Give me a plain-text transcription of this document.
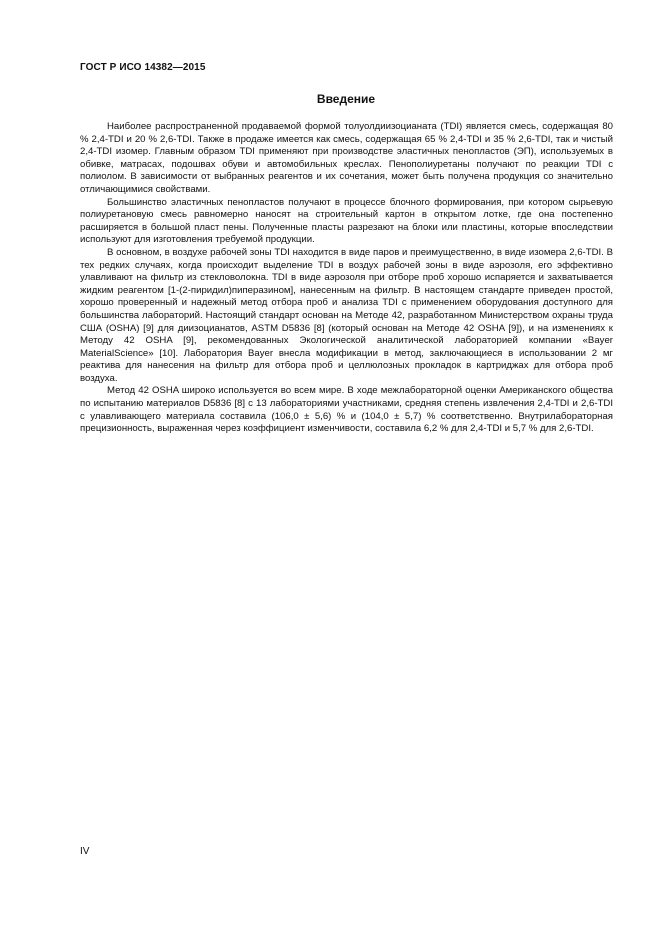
ГОСТ Р ИСО 14382—2015
Введение

Наиболее распространенной продаваемой формой толуолдиизоцианата (TDI) является смесь, содержащая 80 % 2,4-TDI и 20 % 2,6-TDI. Также в продаже имеется как смесь, содержащая 65 % 2,4-TDI и 35 % 2,6-TDI, так и чистый 2,4-TDI изомер. Главным образом TDI применяют при производстве эластичных пенопластов (ЭП), используемых в обивке, матрасах, подошвах обуви и автомобильных креслах. Пенополиуретаны получают по реакции TDI с полиолом. В зависимости от выбранных реагентов и их сочетания, может быть получена продукция со значительно отличающимися свойствами.

Большинство эластичных пенопластов получают в процессе блочного формирования, при котором сырьевую полиуретановую смесь равномерно наносят на строительный картон в открытом лотке, где она постепенно расширяется в большой пласт пены. Полученные пласты разрезают на блоки или пластины, которые впоследствии используют для изготовления требуемой продукции.

В основном, в воздухе рабочей зоны TDI находится в виде паров и преимущественно, в виде изомера 2,6-TDI. В тех редких случаях, когда происходит выделение TDI в воздух рабочей зоны в виде аэрозоля, его эффективно улавливают на фильтр из стекловолокна. TDI в виде аэрозоля при отборе проб хорошо испаряется и захватывается жидким реагентом [1-(2-пиридил)пиперазином], нанесенным на фильтр. В настоящем стандарте приведен простой, хорошо проверенный и надежный метод отбора проб и анализа TDI с применением оборудования доступного для большинства лабораторий. Настоящий стандарт основан на Методе 42, разработанном Министерством охраны труда США (OSHA) [9] для диизоцианатов, ASTM D5836 [8] (который основан на Методе 42 OSHA [9]), и на изменениях к Методу 42 OSHA [9], рекомендованных Экологической аналитической лабораторией компании «Bayer MaterialScience» [10]. Лаборатория Bayer внесла модификации в метод, заключающиеся в использовании 2 мг реактива для нанесения на фильтр для отбора проб и целлюлозных прокладок в картриджах для отбора проб воздуха.

Метод 42 OSHA широко используется во всем мире. В ходе межлабораторной оценки Американского общества по испытанию материалов D5836 [8] с 13 лабораториями участниками, средняя степень извлечения 2,4-TDI и 2,6-TDI с улавливающего материала составила (106,0 ± 5,6) % и (104,0 ± 5,7) % соответственно. Внутрилабораторная прецизионность, выраженная через коэффициент изменчивости, составила 6,2 % для 2,4-TDI и 5,7 % для 2,6-TDI.

IV
